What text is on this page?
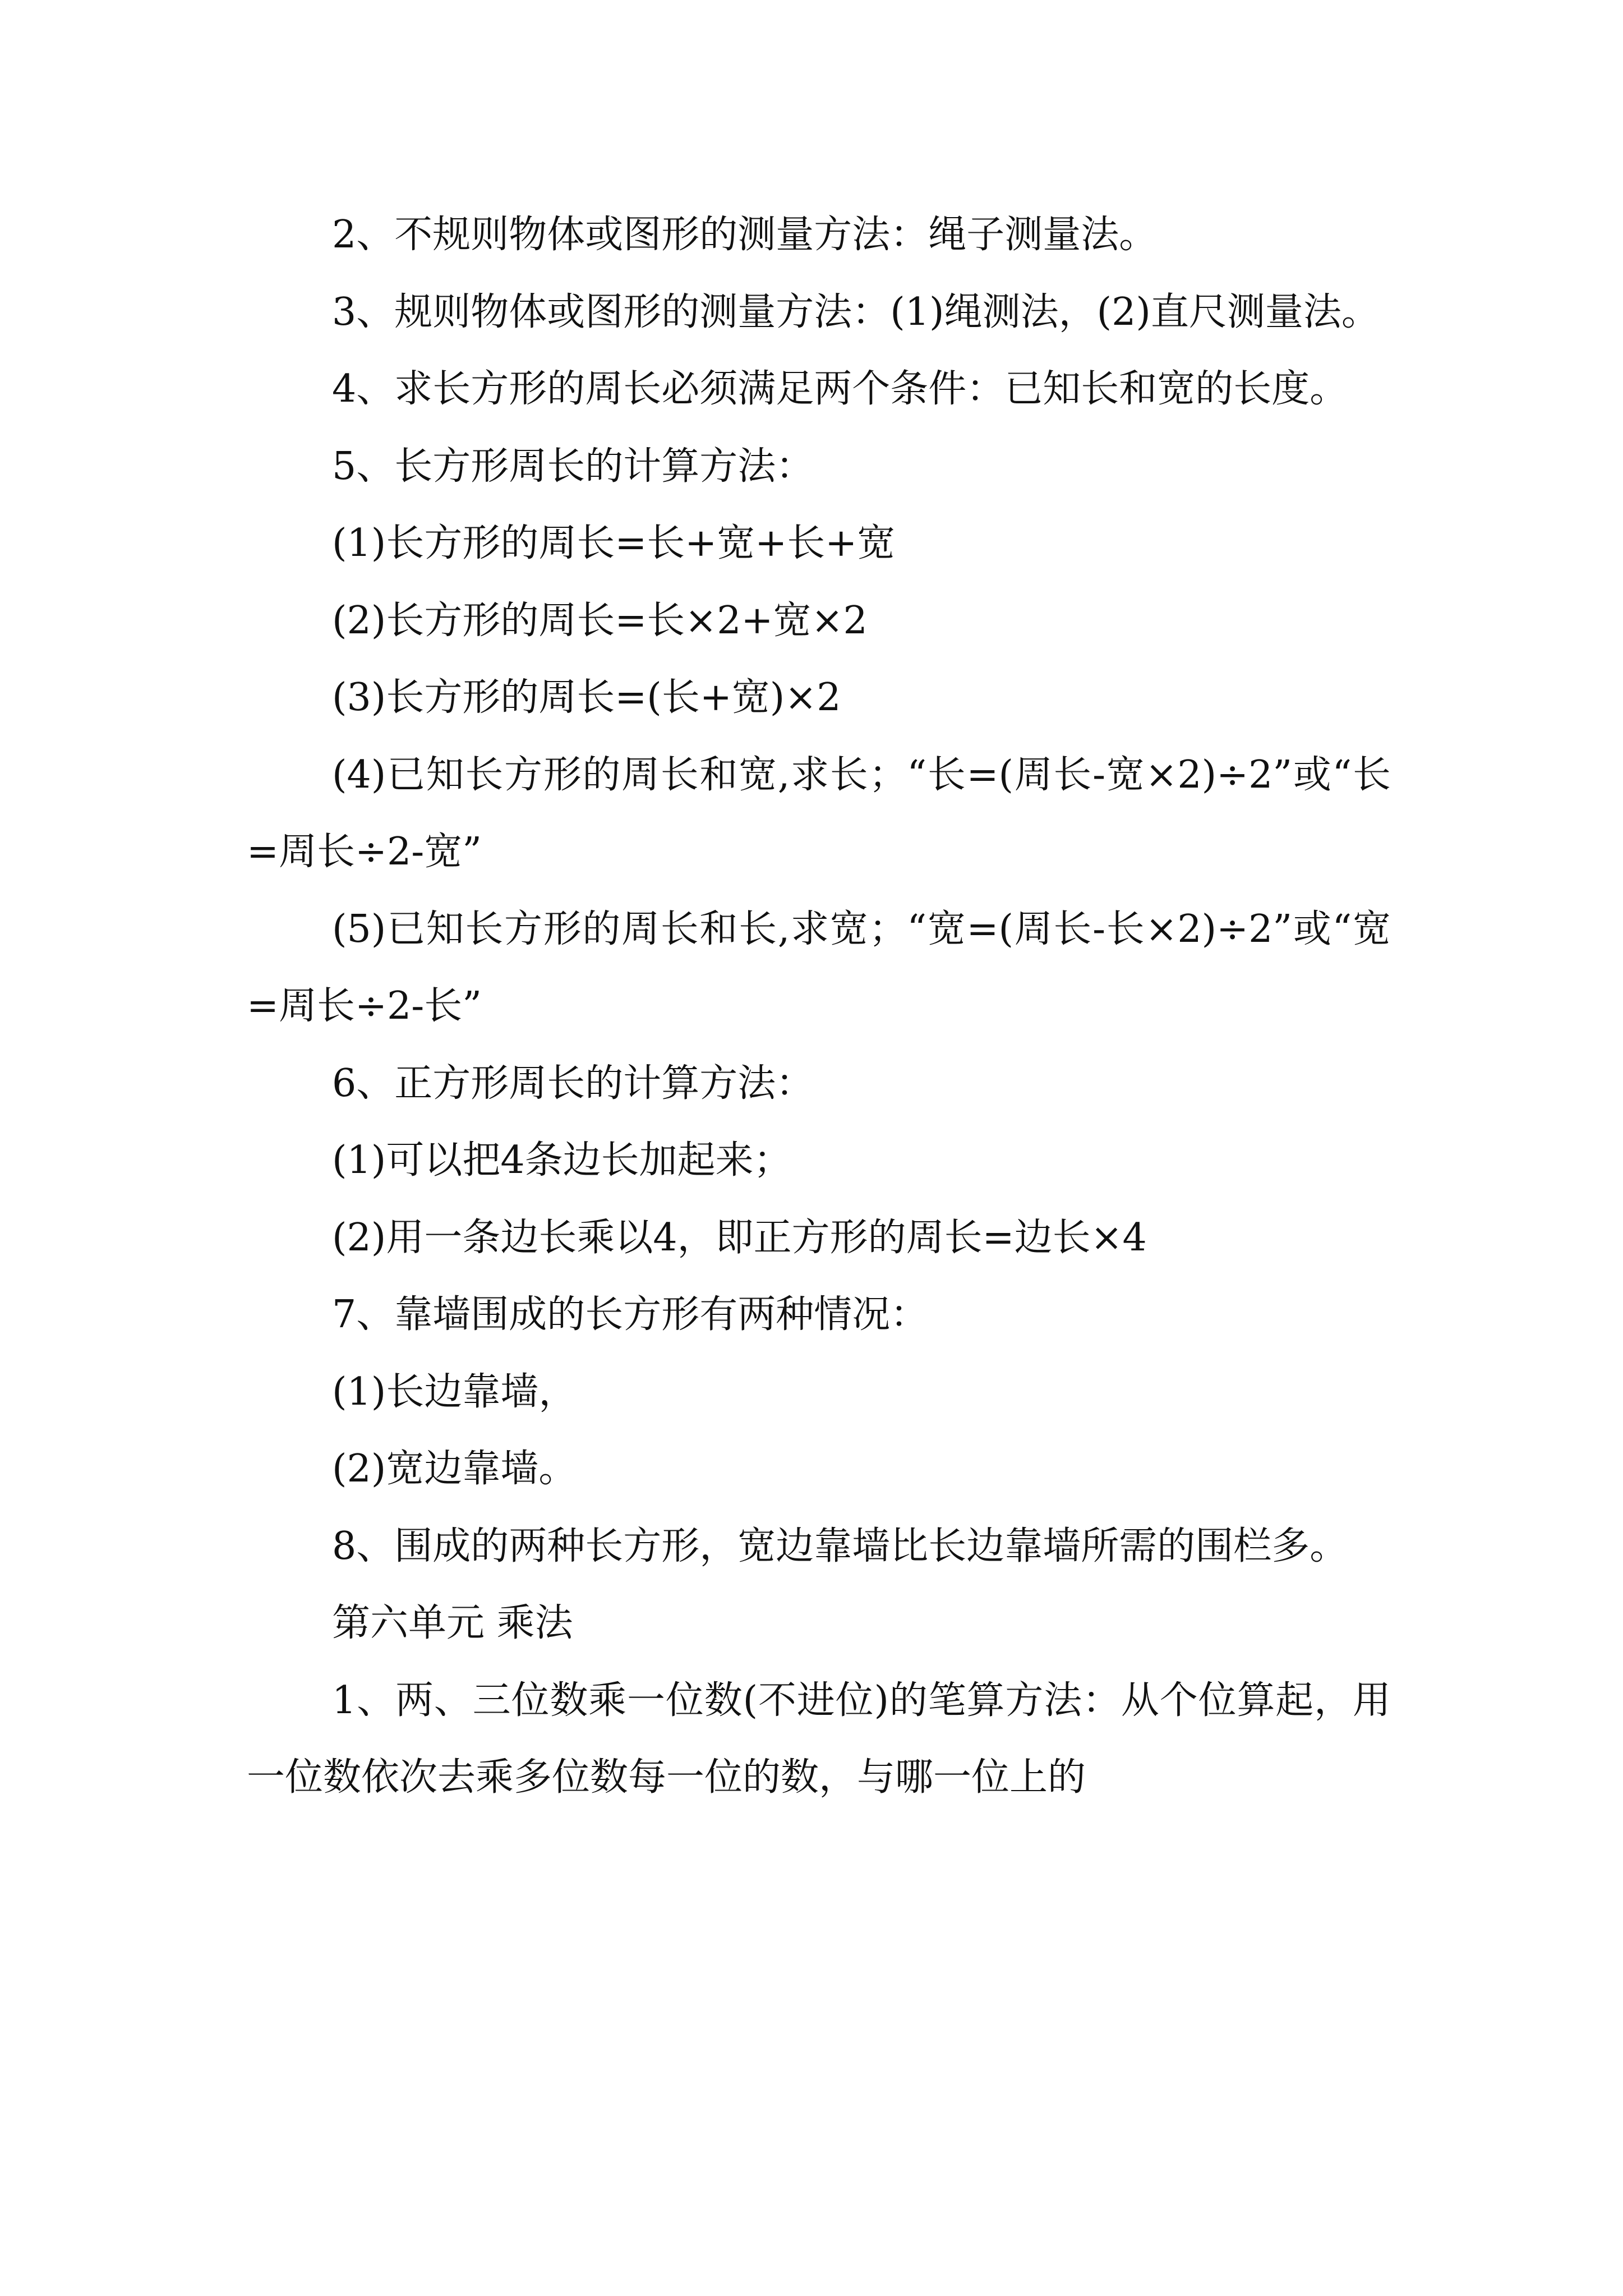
2、不规则物体或图形的测量方法：绳子测量法。

3、规则物体或图形的测量方法：(1)绳测法，(2)直尺测量法。

4、求长方形的周长必须满足两个条件：已知长和宽的长度。

5、长方形周长的计算方法：

(1)长方形的周长=长+宽+长+宽

(2)长方形的周长=长×2+宽×2

(3)长方形的周长=(长+宽)×2

(4)已知长方形的周长和宽,求长；“长=(周长-宽×2)÷2”或“长=周长÷2-宽”

(5)已知长方形的周长和长,求宽；“宽=(周长-长×2)÷2”或“宽=周长÷2-长”

6、正方形周长的计算方法：

(1)可以把4条边长加起来；

(2)用一条边长乘以4，即正方形的周长=边长×4

7、靠墙围成的长方形有两种情况：

(1)长边靠墙，

(2)宽边靠墙。

8、围成的两种长方形，宽边靠墙比长边靠墙所需的围栏多。

第六单元 乘法

1、两、三位数乘一位数(不进位)的笔算方法：从个位算起，用一位数依次去乘多位数每一位的数，与哪一位上的
